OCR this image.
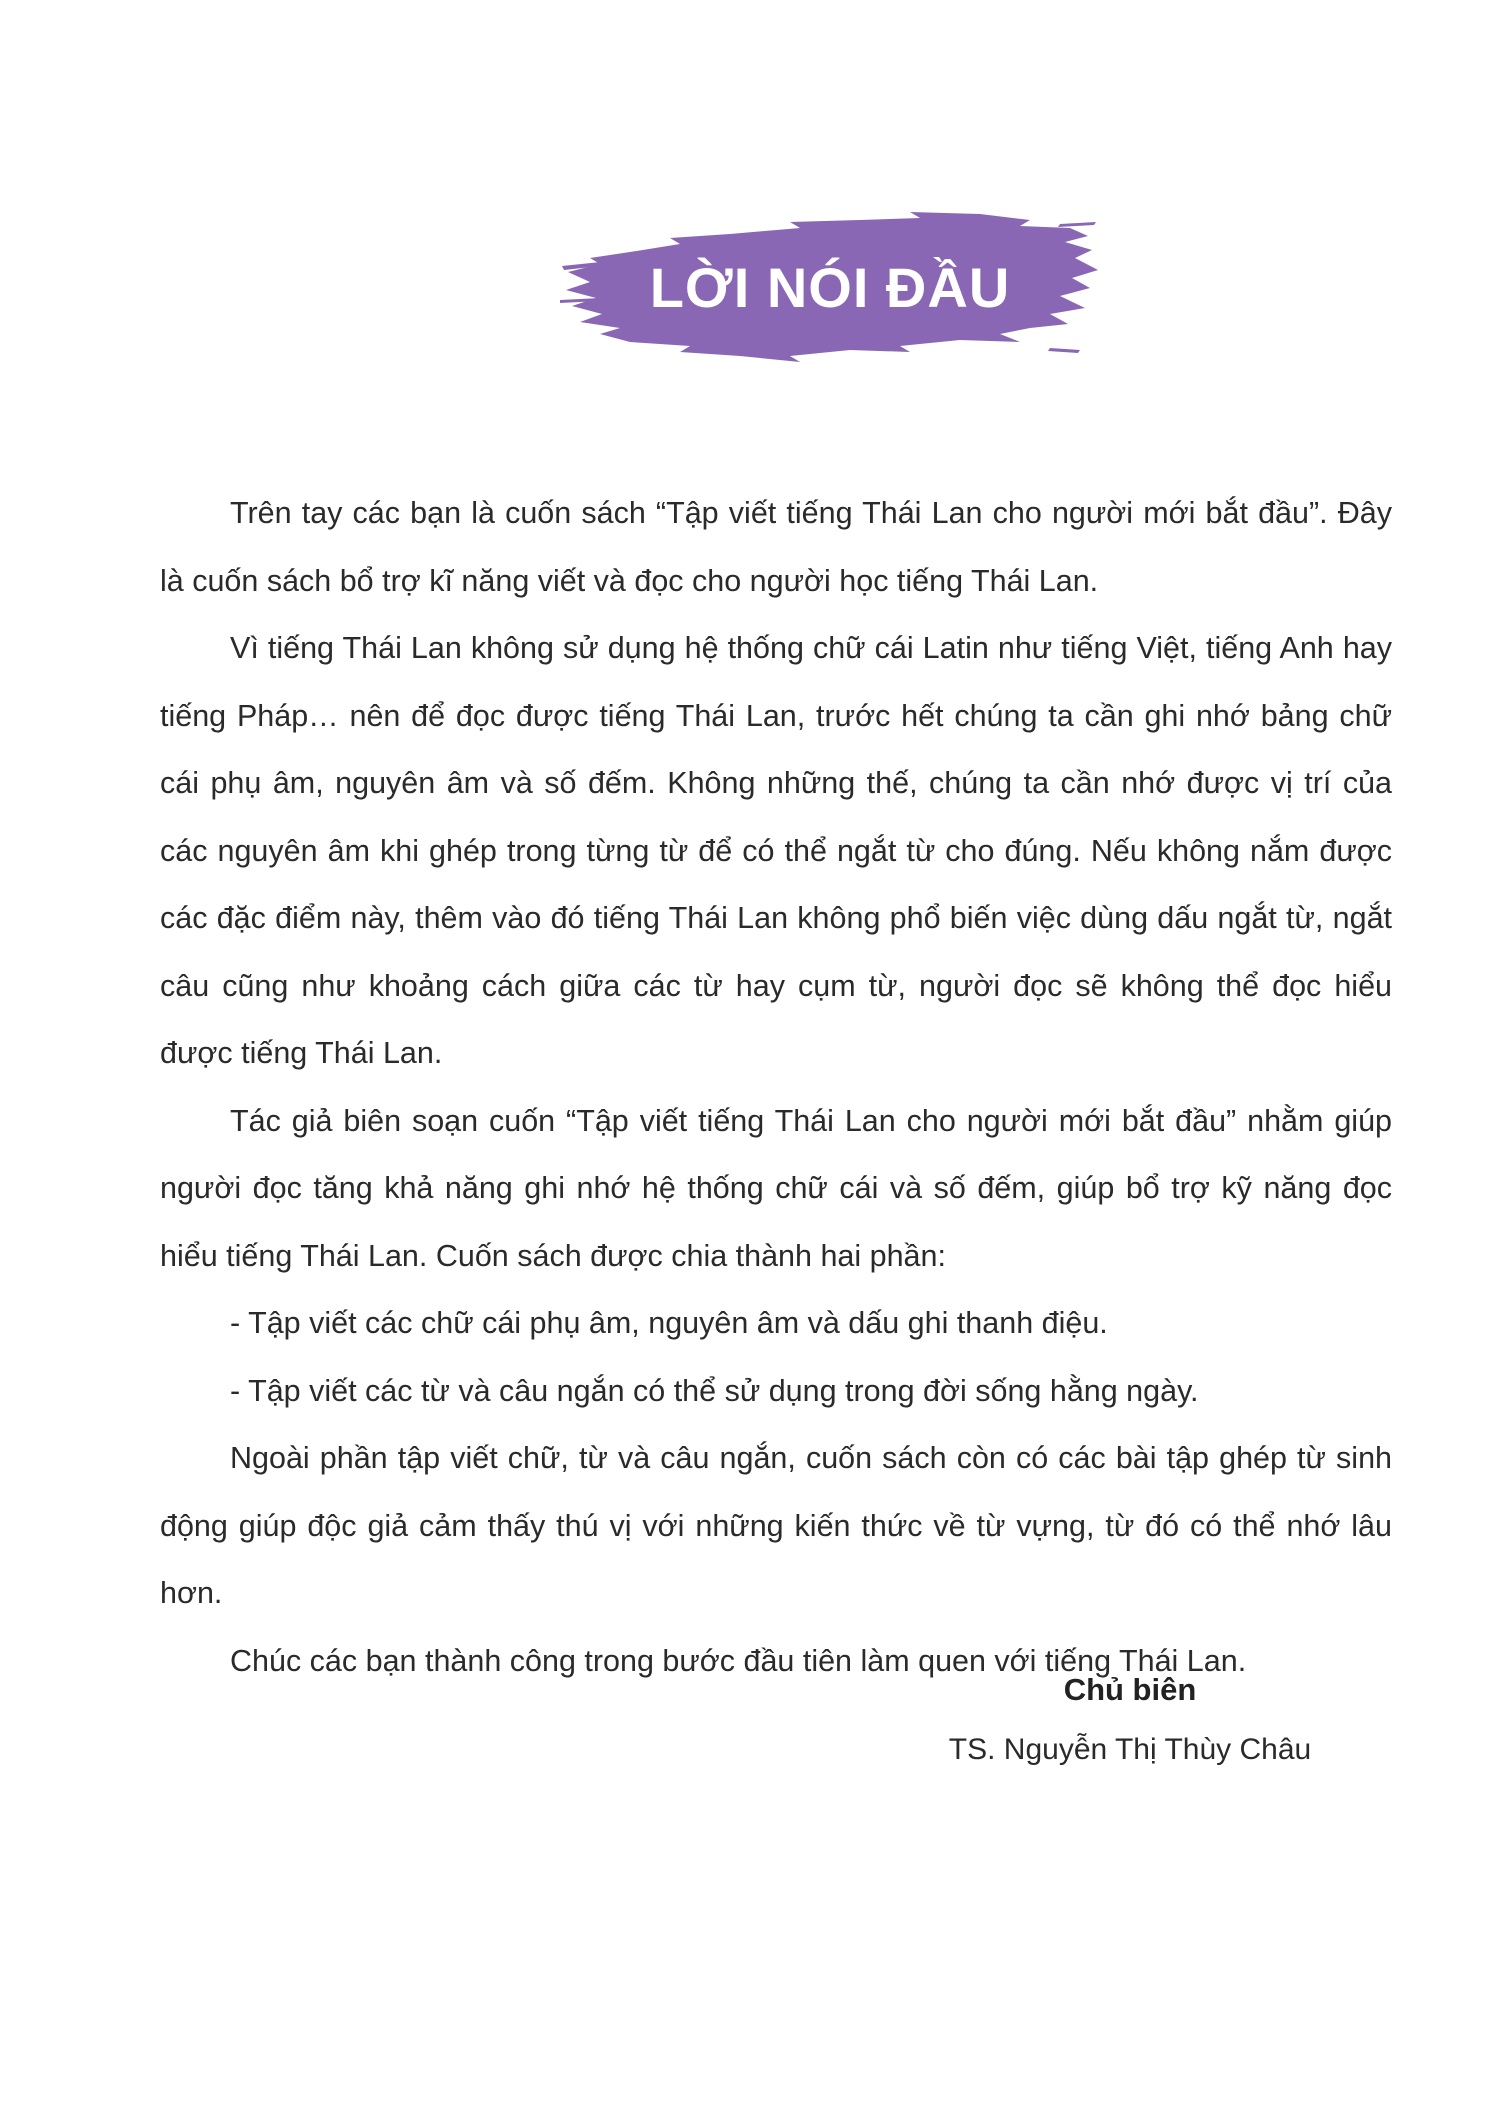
LỜI NÓI ĐẦU

Trên tay các bạn là cuốn sách “Tập viết tiếng Thái Lan cho người mới bắt đầu”. Đây là cuốn sách bổ trợ kĩ năng viết và đọc cho người học tiếng Thái Lan.

Vì tiếng Thái Lan không sử dụng hệ thống chữ cái Latin như tiếng Việt, tiếng Anh hay tiếng Pháp… nên để đọc được tiếng Thái Lan, trước hết chúng ta cần ghi nhớ bảng chữ cái phụ âm, nguyên âm và số đếm. Không những thế, chúng ta cần nhớ được vị trí của các nguyên âm khi ghép trong từng từ để có thể ngắt từ cho đúng. Nếu không nắm được các đặc điểm này, thêm vào đó tiếng Thái Lan không phổ biến việc dùng dấu ngắt từ, ngắt câu cũng như khoảng cách giữa các từ hay cụm từ, người đọc sẽ không thể đọc hiểu được tiếng Thái Lan.

Tác giả biên soạn cuốn “Tập viết tiếng Thái Lan cho người mới bắt đầu” nhằm giúp người đọc tăng khả năng ghi nhớ hệ thống chữ cái và số đếm, giúp bổ trợ kỹ năng đọc hiểu tiếng Thái Lan. Cuốn sách được chia thành hai phần:

- Tập viết các chữ cái phụ âm, nguyên âm và dấu ghi thanh điệu.

- Tập viết các từ và câu ngắn có thể sử dụng trong đời sống hằng ngày.

Ngoài phần tập viết chữ, từ và câu ngắn, cuốn sách còn có các bài tập ghép từ sinh động giúp độc giả cảm thấy thú vị với những kiến thức về từ vựng, từ đó có thể nhớ lâu hơn.

Chúc các bạn thành công trong bước đầu tiên làm quen với tiếng Thái Lan.

Chủ biên
TS. Nguyễn Thị Thùy Châu
